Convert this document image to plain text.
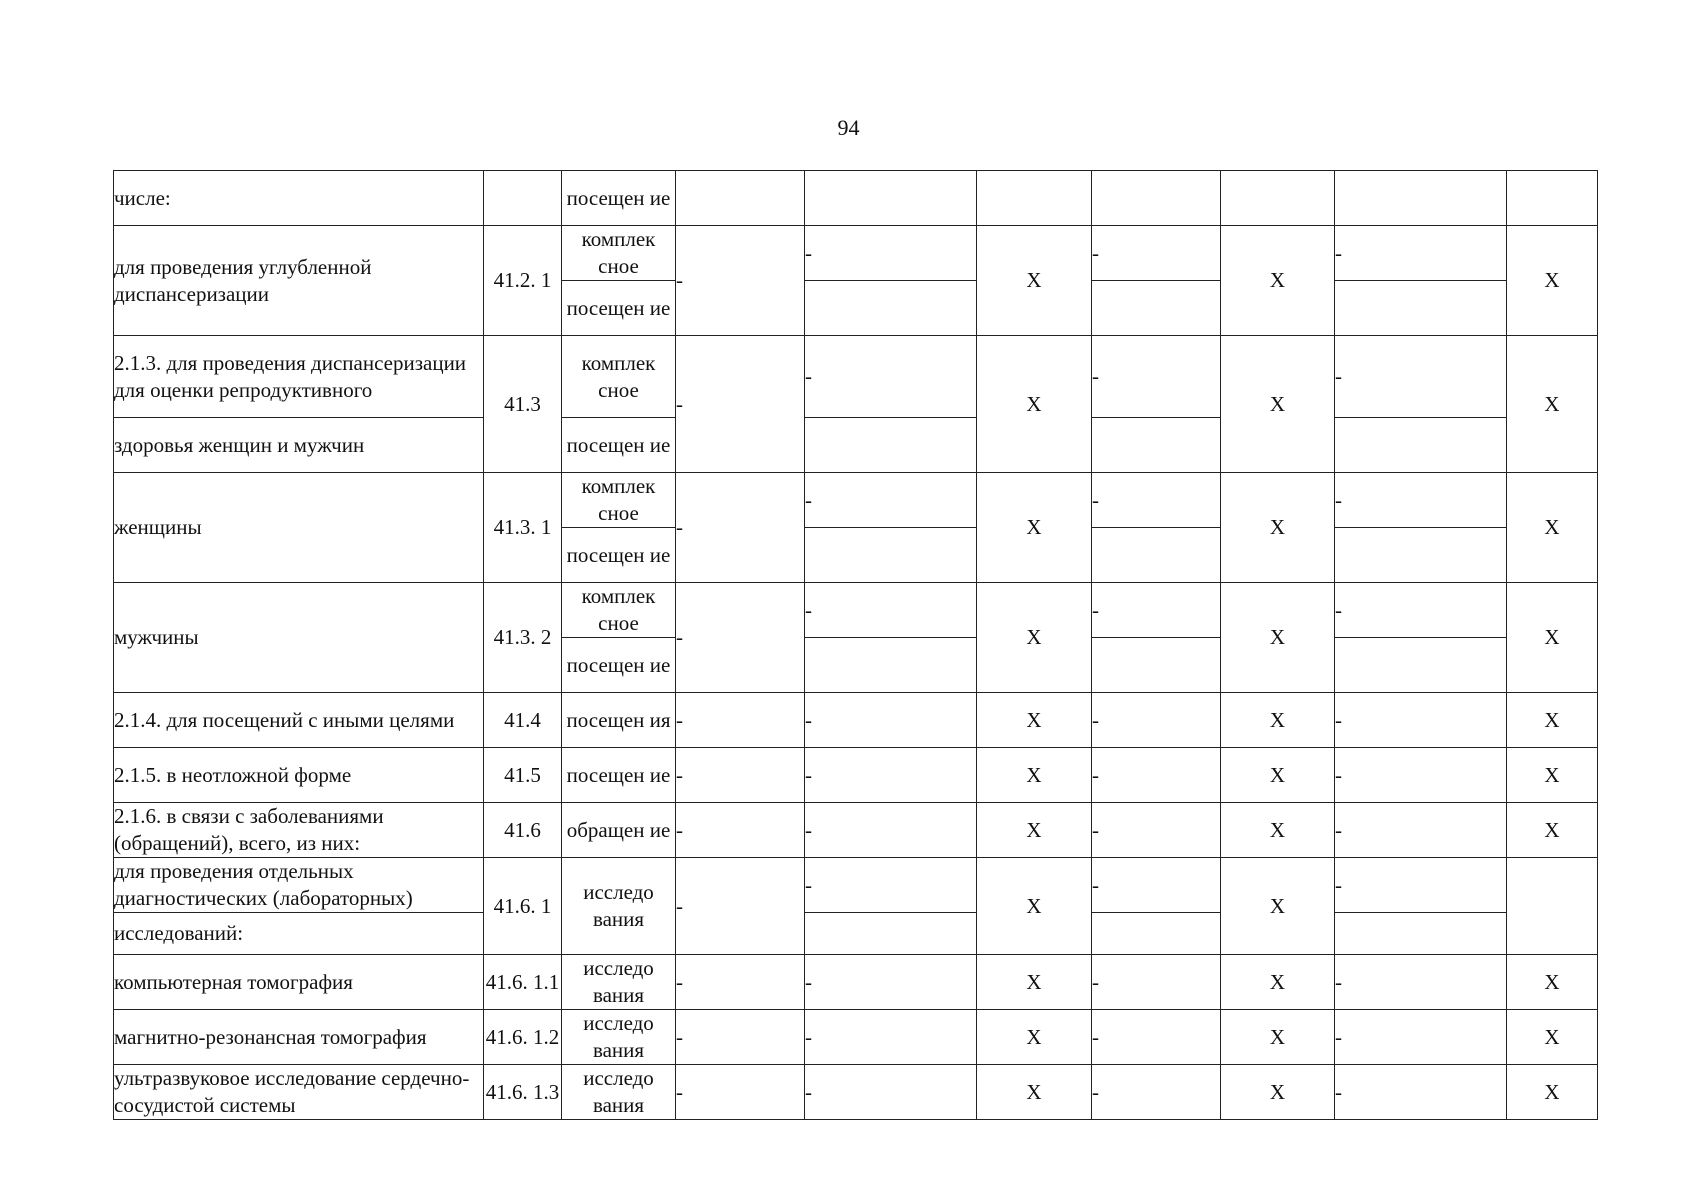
94
числе:		посещен ие							
для проведения углубленной диспансеризации	41.2. 1	комплек сное	-	-	X	-	X	-	X
		посещен ие							
2.1.3. для проведения диспансеризации для оценки репродуктивного	41.3	комплек сное	-	-	X	-	X	-	X
здоровья женщин и мужчин		посещен ие							
женщины	41.3. 1	комплек сное	-	-	X	-	X	-	X
		посещен ие							
мужчины	41.3. 2	комплек сное	-	-	X	-	X	-	X
		посещен ие							
2.1.4. для посещений с иными целями	41.4	посещен ия	-	-	X	-	X	-	X
2.1.5. в неотложной форме	41.5	посещен ие	-	-	X	-	X	-	X
2.1.6. в связи с заболеваниями (обращений), всего, из них:	41.6	обращен ие	-	-	X	-	X	-	X
для проведения отдельных диагностических (лабораторных)	41.6. 1	исследо вания	-	-	X	-	X	-	
исследований:									
компьютерная томография	41.6. 1.1	исследо вания	-	-	X	-	X	-	X
магнитно-резонансная томография	41.6. 1.2	исследо вания	-	-	X	-	X	-	X
ультразвуковое исследование сердечно-сосудистой системы	41.6. 1.3	исследо вания	-	-	X	-	X	-	X
